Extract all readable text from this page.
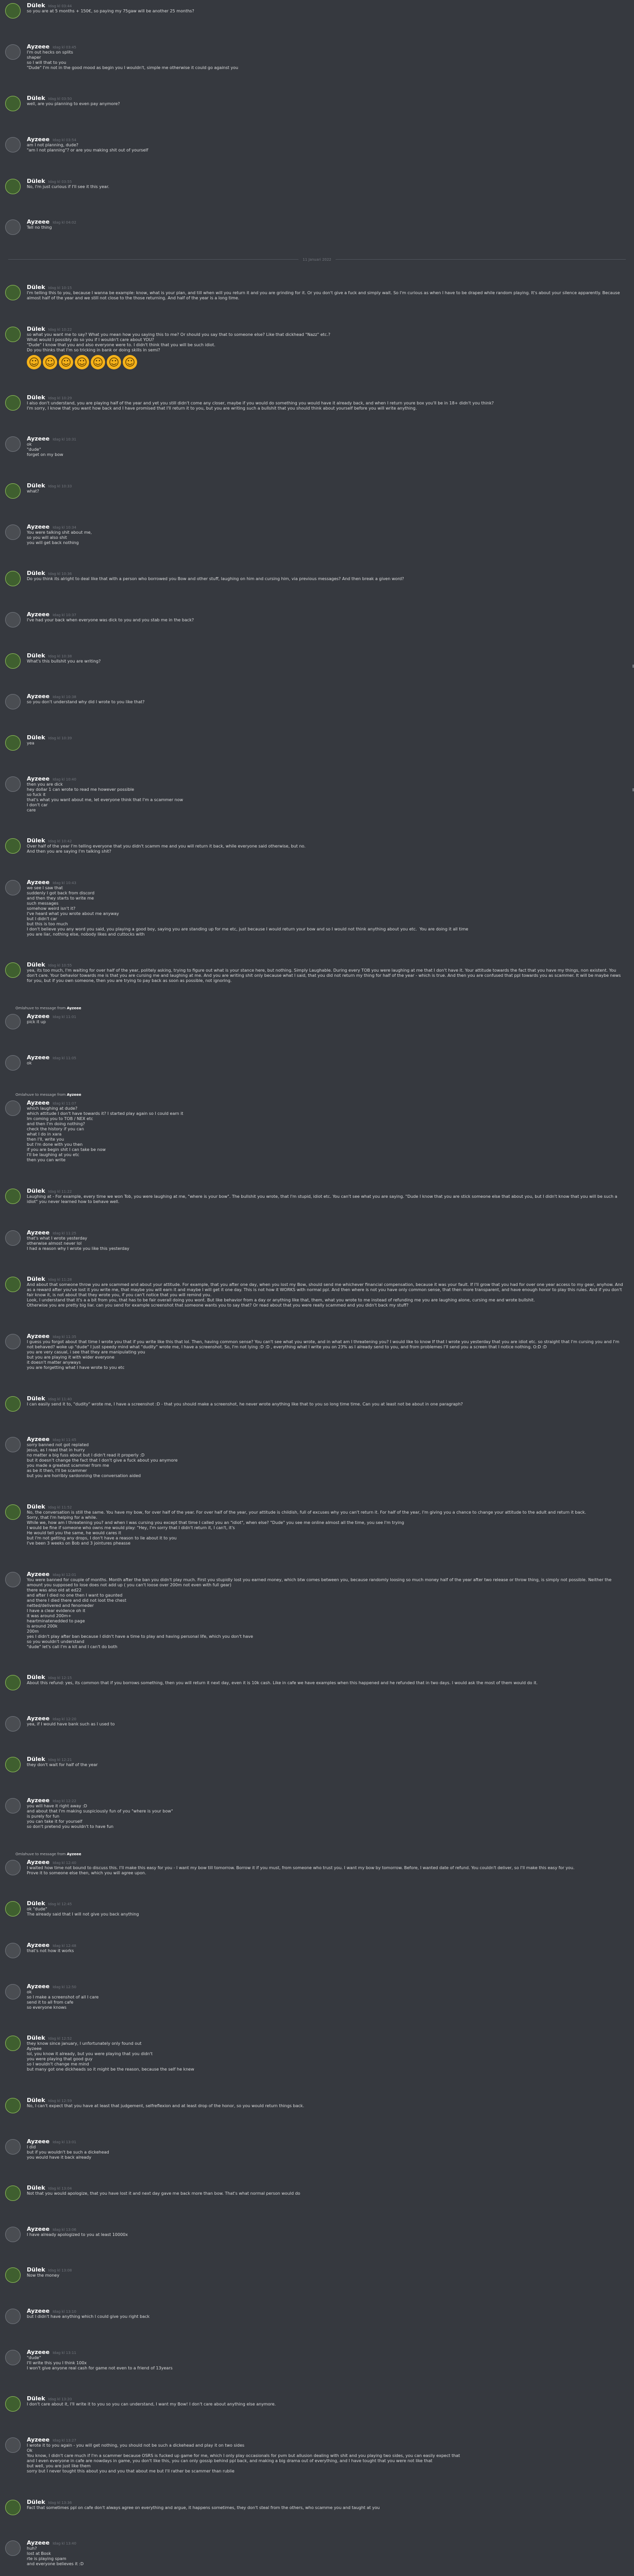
Dülek Idag kl 03:44
so you are at 5 months + 150€, so paying my 75gaw will be another 25 months?
Ayzeee Idag kl 03:45
I'm out hecks on splits
shaper
so I will that to you
"Dude" I'm not in the good mood as begin you I wouldn't, simple me otherwise it could go against you
Dülek Idag kl 03:50
well, are you planning to even pay anymore?
Ayzeee Idag kl 03:54
am I not planning, dude?
"am I not planning"? or are you making shit out of yourself
Dülek Idag kl 03:55
No, I'm just curious if I'll see it this year.
Ayzeee Idag kl 04:02
Tell no thing
11 Januari 2022
Dülek Idag kl 10:15
I'm telling this to you, because I wanna be example: know, what is your plan, and till when will you return it and you are grinding for it. Or you don't give a fuck and simply wait. So I'm curious as when I have to be draped while random playing. It's about your silence apparently. Because almost half of the year and we still not close to the those returning. And half of the year is a long time.
Dülek Idag kl 10:22
so what you want me to say? What you mean how you saying this to me? Or should you say that to someone else? Like that dickhead "Nazz" etc.?
What would I possibly do so you if I wouldn't care about YOU?
"Dude" I know that you and also everyone were to. I didn't think that you will be such idiot.
Do you thinks that I'm so tricking in bank or doing skills in semi?
☺ ☺ ☺ ☺ ☺ ☺ ☺
Dülek Idag kl 10:29
I also don't understand, you are playing half of the year and yet you still didn't come any closer, maybe if you would do something you would have it already back, and when I return youre box you'll be in 18+ didn't you think?
I'm sorry, I know that you want how back and I have promised that I'll return it to you, but you are writing such a bullshit that you should think about yourself before you will write anything.
Ayzeee Idag kl 10:31
ok
"dude"
forget on my bow
Dülek Idag kl 10:33
what?
Ayzeee Idag kl 10:34
You were talking shit about me,
so you will also shit
you will get back nothing
Dülek Idag kl 10:36
Do you think its alright to deal like that with a person who borrowed you Bow and other stuff, laughing on him and cursing him, via previous messages? And then break a given word?
Ayzeee Idag kl 10:37
I've had your back when everyone was dick to you and you stab me in the back?
Dülek Idag kl 10:38
What's this bullshit you are writing?
Ayzeee Idag kl 10:38
so you don't understand why did I wrote to you like that?
Dülek Idag kl 10:39
yea
Ayzeee Idag kl 10:40
then you are dick
hey dollar 1 can wrote to read me however possible
so fuck it
that's what you want about me, let everyone think that I'm a scammer now
I don't car
care
Dülek Idag kl 10:42
Over half of the year I'm telling everyone that you didn't scamm me and you will return it back, while everyone said otherwise, but no.
And then you are saying I'm talking shit?
Ayzeee Idag kl 10:43
we see I saw that
suddenly I got back from discord
and then they starts to write me
such messages
somehow weird isn't it?
I've heard what you wrote about me anyway
but I didn't car
but this is too much
I don't believe you any word you said, you playing a good boy, saying you are standing up for me etc, just because I would return your bow and so I would not think anything about you etc.  You are doing it all time
you are liar, nothing else, nobody likes and cuttocks with
Dülek Idag kl 10:55
yea, its too much, I'm waiting for over half of the year, politely asking, trying to figure out what is your stance here, but nothing. Simply Laughable. During every TOB you were laughing at me that I don't have it. Your attitude towards the fact that you have my things, non existent. You don't care. Your behavior towards me is that you are cursing me and laughing at me. And you are writing shit only because what I said, that you did not return my thing for half of the year - which is true. And then you are confused that ppl towards you as scammer. It will be maybe news for you, but if you own someone, then you are trying to pay back as soon as possible, not ignoring.
Omlahuve to message from Ayzeee
Ayzeee Idag kl 11:01
pick it up
Ayzeee Idag kl 11:05
ok
Omlahuve to message from Ayzeee
Ayzeee Idag kl 11:07
which laughing at dude?
which attitude I don't have towards it? I started play again so I could earn it
Im coming you to TOB / NEX etc
and then I'm doing nothing?
check the history if you can
what I do in xara
then I'll, write you
but I'm done with you then
if you are begin shit I can take be now
I'll be laughing at you etc
then you can write
Dülek Idag kl 11:22
Laughing at - For example, every time we won Tob, you were laughing at me, "where is your bow". The bullshit you wrote, that I'm stupid, idiot etc. You can't see what you are saying. "Dude I know that you are stick someone else that about you, but I didn't know that you will be such a idiot" you never learned how to behave well.
Ayzeee Idag kl 11:25
that's what I wrote yesterday
otherwise almost never lol
I had a reason why I wrote you like this yesterday
Dülek Idag kl 11:28
And about that someone throw you are scammed and about your attitude. For example, that you after one day, when you lost my Bow, should send me whichever financial compensation, because it was your fault. If I'll grow that you had for over one year access to my gear, anyhow. And as a reward after you've lost it you write me, that maybe you will earn it and maybe I will get it one day. This is not how it WORKS with normal ppl. And then where is not you have only common sense, that then more transparent, and have enough honor to play this rules. And if you don't fair know it, is not about that they wrote you, if you can't notice that you will remind you.
Look, I understand that it's a a bit from you, that has to be fair overall doing you wont. But like behavior from a day or anything like that, them, what you wrote to me instead of refunding me you are laughing alone, cursing me and wrote bullshit.
Otherwise you are pretty big liar. can you send for example screenshot that someone wants you to say that? Or read about that you were really scammed and you didn't back my stuff?
Ayzeee Idag kl 11:35
I guess you forgot about that time I wrote you that if you write like this that lol. Then, having common sense? You can't see what you wrote, and in what am I threatening you? I would like to know If that I wrote you yesterday that you are idiot etc. so straight that I'm cursing you and I'm not behaved? woke up "dude" I just speedy mind what "dudity" wrote me, I have a screenshot. So, I'm not lying :D :D , everything what I write you on 23% as I already send to you, and from problemes I'll send you a screen that I notice nothing. O:D :D
you are very casual, i see that they are manipulating you
but you are playing it with wider everyone
it doesn't matter anyways
you are forgetting what I have wrote to you etc
Dülek Idag kl 11:40
I can easily send it to, "dudity" wrote me, I have a screenshot :D - that you should make a screenshot, he never wrote anything like that to you so long time time. Can you at least not be about in one paragraph?
Ayzeee Idag kl 11:45
sorry banned not got replated
jesus, as I read that in hurry
no matter a big fuss about but I didn't read it properly :D
but it doesn't change the fact that I don't give a fuck about you anymore
you made a greatest scammer from me
as be it then, I'll be scammer
but you are horribly sardonning the conversation aided
Dülek Idag kl 11:52
No, the conversation is still the same. You have my bow, for over half of the year. For over half of the year, your attitude is childish, full of excuses why you can't return it. For half of the year, I'm giving you a chance to change your attitude to the adult and return it back.
Sorry, that I'm helping for a while.
While we, how am I threatening you? and when I was cursing you except that time I called you an "idiot", when else? "Dude" you see me online almost all the time, you see I'm trying
I would be fine if someone who owns me would play: "Hey, I'm sorry that I didn't return it, I can't, it's
He would tell you the same, he would cares it
but I'm not getting any drops, I don't have a reason to lie about it to you
I've been 3 weeks on Bob and 3 jointures pheasse
Ayzeee Idag kl 12:01
You were banned for couple of months. Month after the ban you didn't play much. First you stupidly lost you earned money, which btw comes between you, because randomly loosing so much money half of the year after two release or throw thing, is simply not possible. Neither the amount you supposed to lose does not add up ( you can't loose over 200m not even with full gear)
there was also old at ed22
and after I died no one then I want to gaunted
and there I died there and did not loot the chest
netted/delivered and fenomeder
I have a clear evidence oh it
it was around 200m+
heartminatenedded to page
is around 200k
200m
yes I didn't play after ban because I didn't have a time to play and having personal life, which you don't have
so you wouldn't understand
"dude" let's call I'm a kit and I can't do both
Dülek Idag kl 12:15
About this refund: yes, its common that if you borrows something, then you will return it next day, even it is 10k cash. Like in cafe we have examples when this happened and he refunded that in two days. I would ask the most of them would do it.
Ayzeee Idag kl 12:20
yea, if I would have bank such as I used to
Dülek Idag kl 12:21
they don't wait for half of the year
Ayzeee Idag kl 12:22
you will have it right away :D
and about that I'm making suspiciously fun of you "where is your bow"
is purely for fun
you can take it for yourself
so don't pretend you wouldn't to have fun
Omlahuve to message from Ayzeee
Ayzeee Idag kl 12:40
I waited how time not bound to discuss this. I'll make this easy for you - I want my bow till tomorrow. Borrow it if you must, from someone who trust you. I want my bow by tomorrow. Before, I wanted date of refund. You couldn't deliver, so I'll make this easy for you.
Prove it to someone else then, which you will agree upon.
Dülek Idag kl 12:45
ok "dude"
The already said that I will not give you back anything
Ayzeee Idag kl 12:48
that's not how it works
Ayzeee Idag kl 12:50
ok
so I make a screenshot of all I care
send it to all from cafe
so everyone knows
Dülek Idag kl 12:52
they know since january, I unfortunately only found out
Ayzeee
lol, you know it already, but you were playing that you didn't
you were playing that good guy
so I wouldn't change me mind
but many got one dickheads so it might be the reason, because the self he knew
Dülek Idag kl 12:59
No, I can't expect that you have at least that judgement, selfreflexion and at least drop of the honor, so you would return things back.
Ayzeee Idag kl 13:01
I did
but if you wouldn't be such a dickehead
you would have it back already
Dülek Idag kl 13:04
Not that you would apologize, that you have lost it and next day gave me back more than bow. That's what normal person would do
Ayzeee Idag kl 13:06
I have already apologized to you at least 10000x
Dülek Idag kl 13:08
Now the money
Ayzeee Idag kl 13:10
but I didn't have anything which I could give you right back
Ayzeee Idag kl 13:11
"dude"
I'll write this you I think 100x
I won't give anyone real cash for game not even to a friend of 13years
Dülek Idag kl 13:20
I don't care about it, I'll write it to you so you can understand, I want my Bow! I don't care about anything else anymore.
Ayzeee Idag kl 13:27
I wrote it to you again - you will get nothing, you should not be such a dickehead and play it on two sides
Ok
You know, I didn't care much if I'm a scammer because OSRS is fucked up game for me, which I only play occasionals for pvm but allusion dealing with shit and you playing two sides, you can easily expect that
and I even everyone in cafe are nowdays in game, you don't like this, you can only gossip behind ppl back, and making a big drama out of everything, and I have tought that you were not like that
but well, you are just like them
sorry but I never tought this about you and you that about me but I'll rather be scammer than rublie
Dülek Idag kl 13:36
Fact that sometimes ppl on cafe don't always agree on everything and argue, it happens sometimes, they don't steal from the others, who scamme you and taught at you
Ayzeee Idag kl 13:40
huh?
lost at Bosk
rte is playing spam
and everyone believes it :D
